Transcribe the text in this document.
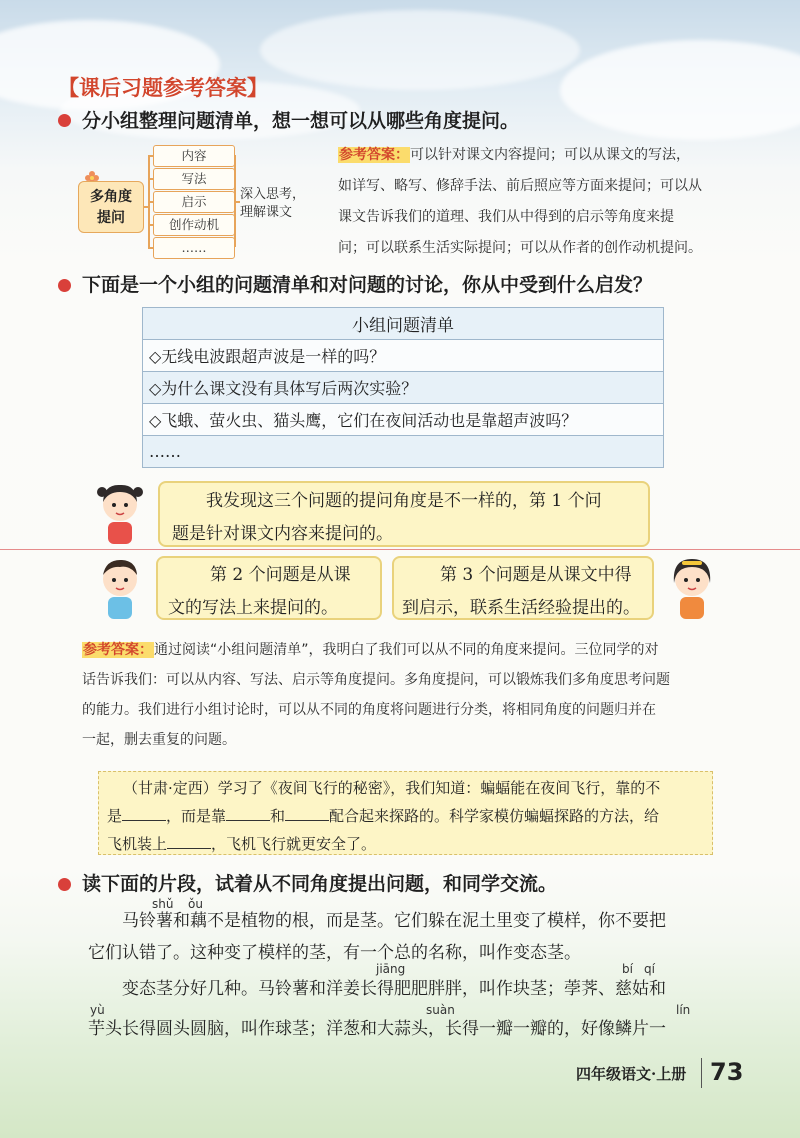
【课后习题参考答案】
分小组整理问题清单，想一想可以从哪些角度提问。
多角度
提问
内容
写法
启示
创作动机
……
深入思考，
理解课文
参考答案：可以针对课文内容提问；可以从课文的写法，
如详写、略写、修辞手法、前后照应等方面来提问；可以从
课文告诉我们的道理、我们从中得到的启示等角度来提
问；可以联系生活实际提问；可以从作者的创作动机提问。
下面是一个小组的问题清单和对问题的讨论，你从中受到什么启发？
小组问题清单
◇无线电波跟超声波是一样的吗？
◇为什么课文没有具体写后两次实验？
◇飞蛾、萤火虫、猫头鹰，它们在夜间活动也是靠超声波吗？
……
我发现这三个问题的提问角度是不一样的，第 1 个问
题是针对课文内容来提问的。
第 2 个问题是从课
文的写法上来提问的。
第 3 个问题是从课文中得
到启示，联系生活经验提出的。
参考答案：通过阅读“小组问题清单”，我明白了我们可以从不同的角度来提问。三位同学的对
话告诉我们：可以从内容、写法、启示等角度提问。多角度提问，可以锻炼我们多角度思考问题
的能力。我们进行小组讨论时，可以从不同的角度将问题进行分类，将相同角度的问题归并在
一起，删去重复的问题。
（甘肃·定西）学习了《夜间飞行的秘密》，我们知道：蝙蝠能在夜间飞行，靠的不
是	，而是靠	和	配合起来探路的。科学家模仿蝙蝠探路的方法，给
飞机装上	，飞机飞行就更安全了。
读下面的片段，试着从不同角度提出问题，和同学交流。
shǔ ǒu
马铃薯和藕不是植物的根，而是茎。它们躲在泥土里变了模样，你不要把
它们认错了。这种变了模样的茎，有一个总的名称，叫作变态茎。
jiāng	bí qí
变态茎分好几种。马铃薯和洋姜长得肥肥胖胖，叫作块茎；荸荠、慈姑和
yù	suàn	lín
芋头长得圆头圆脑，叫作球茎；洋葱和大蒜头，长得一瓣一瓣的，好像鳞片一
四年级语文·上册 73
